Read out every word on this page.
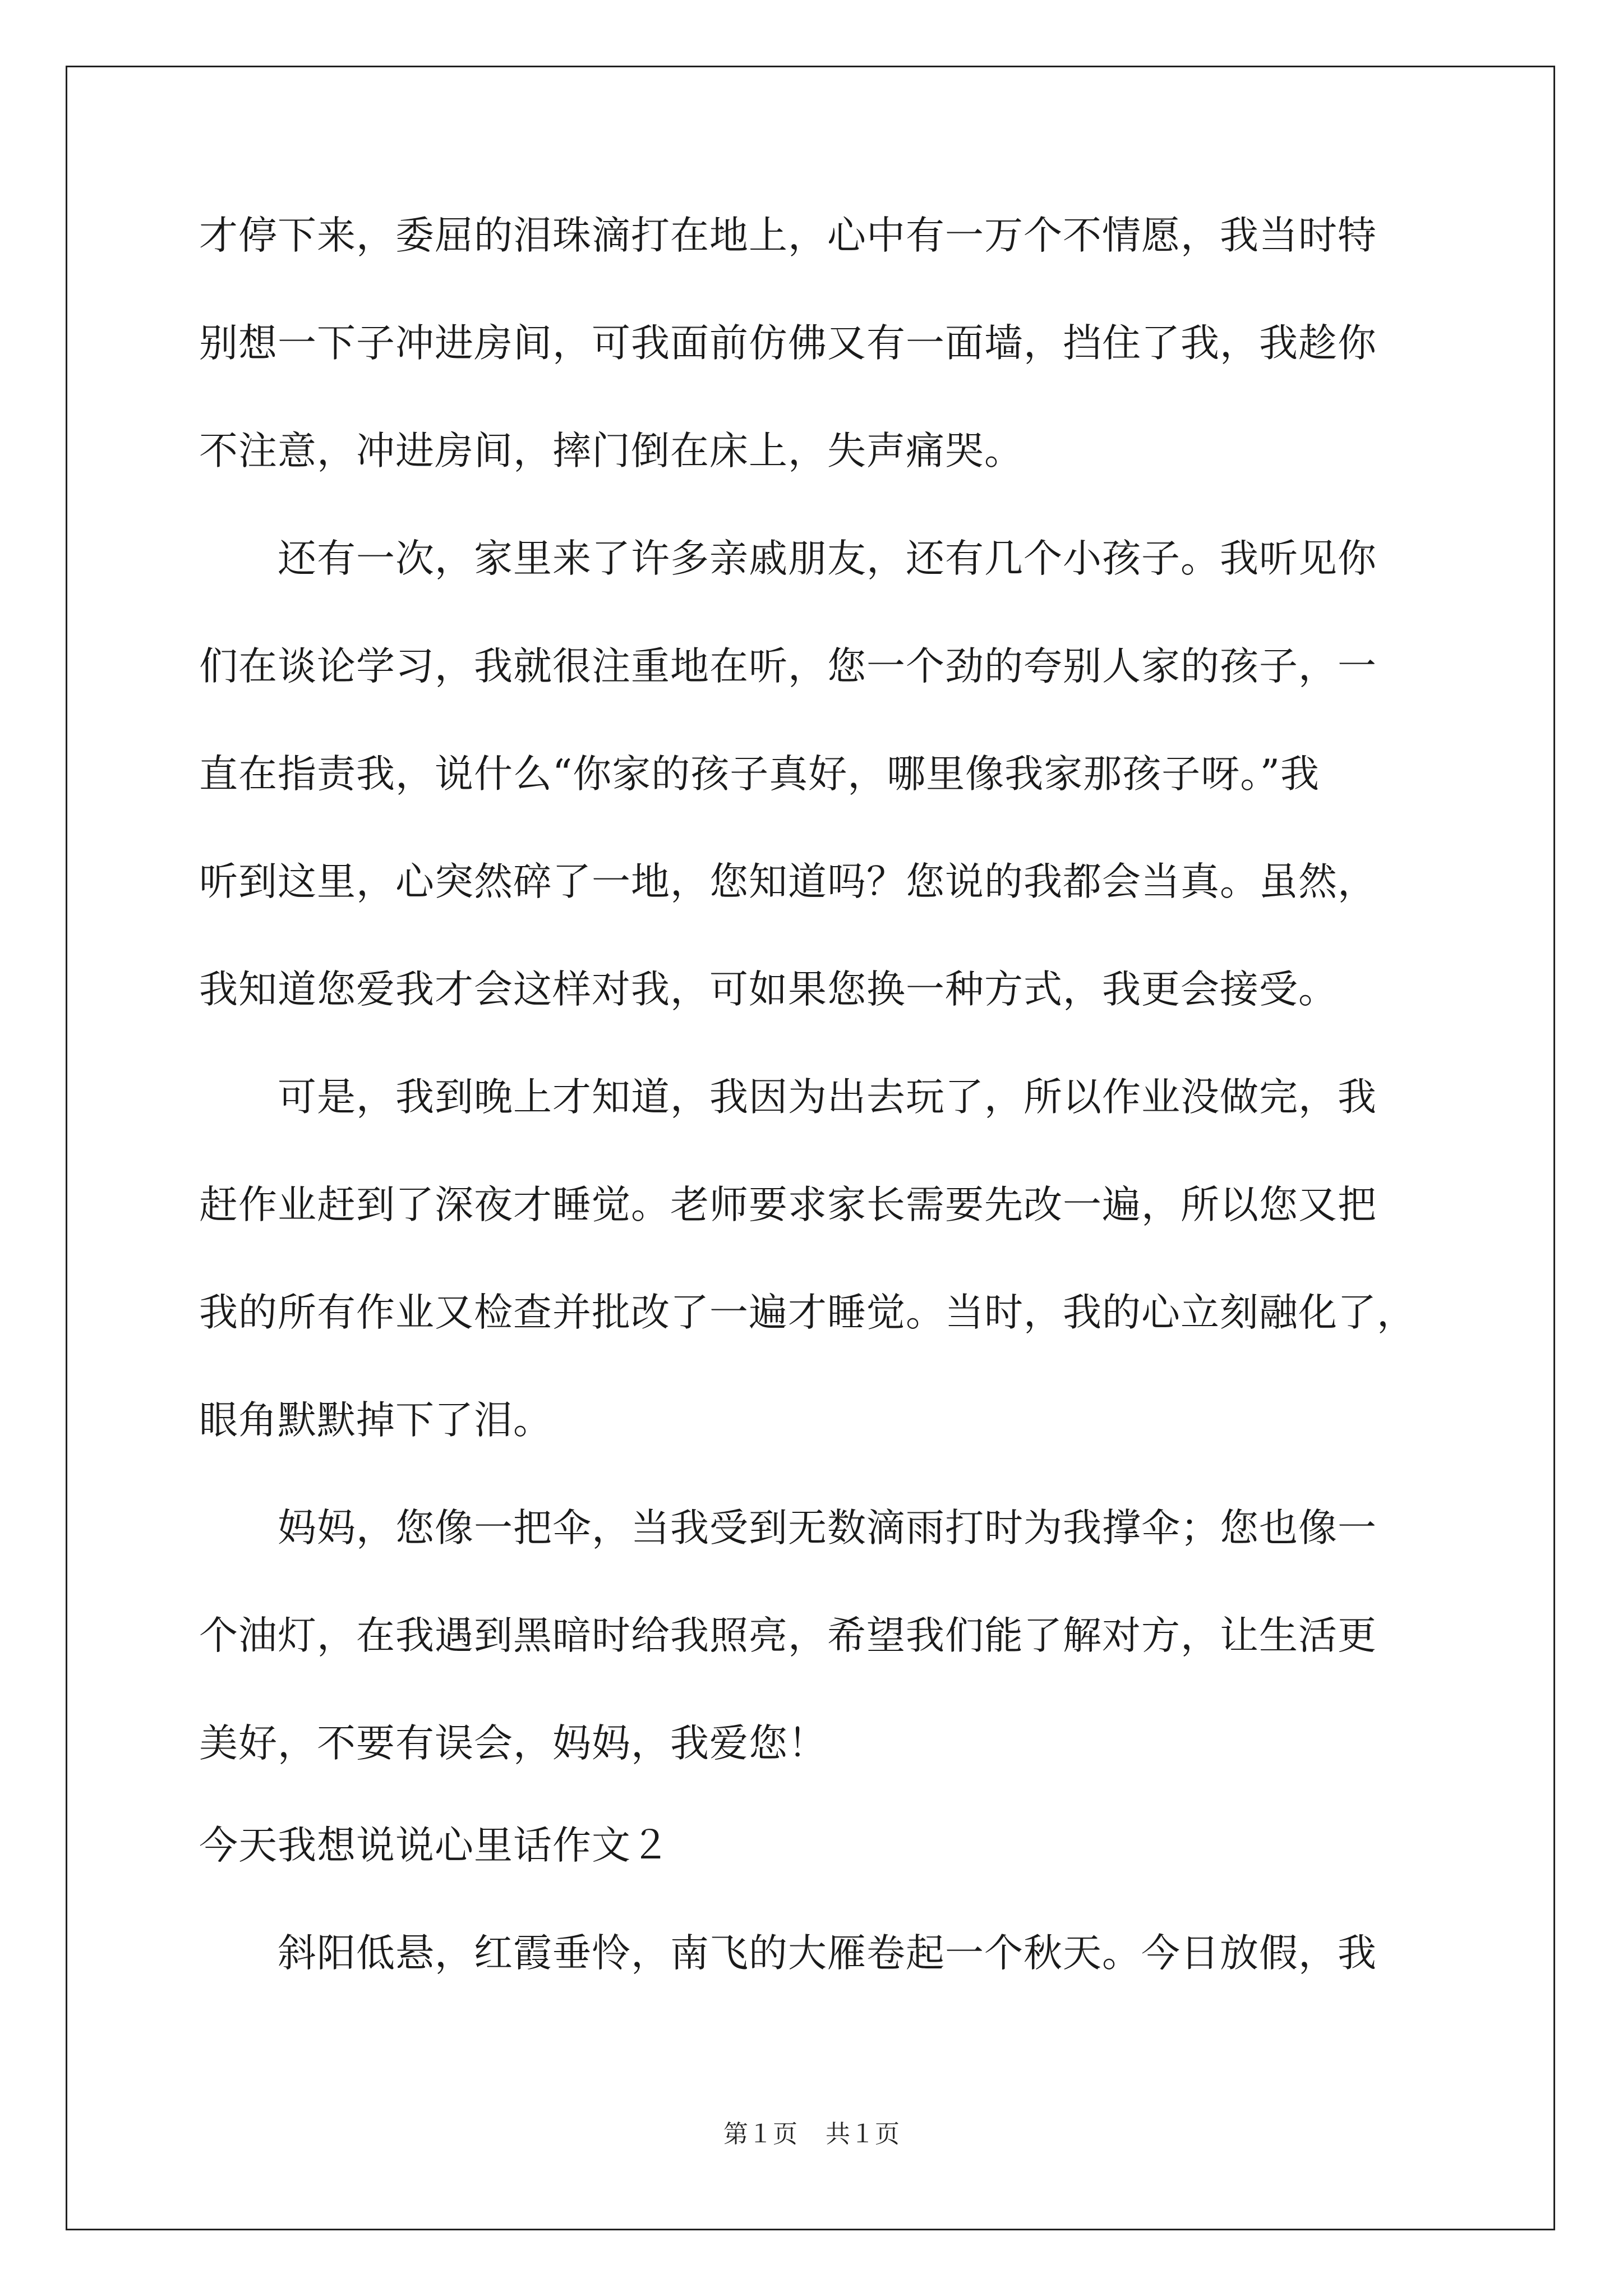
才停下来，委屈的泪珠滴打在地上，心中有一万个不情愿，我当时特
别想一下子冲进房间，可我面前仿佛又有一面墙，挡住了我，我趁你
不注意，冲进房间，摔门倒在床上，失声痛哭。
　　还有一次，家里来了许多亲戚朋友，还有几个小孩子。我听见你
们在谈论学习，我就很注重地在听，您一个劲的夸别人家的孩子，一
直在指责我，说什么“你家的孩子真好，哪里像我家那孩子呀。”我
听到这里，心突然碎了一地，您知道吗？您说的我都会当真。虽然，
我知道您爱我才会这样对我，可如果您换一种方式，我更会接受。
　　可是，我到晚上才知道，我因为出去玩了，所以作业没做完，我
赶作业赶到了深夜才睡觉。老师要求家长需要先改一遍，所以您又把
我的所有作业又检查并批改了一遍才睡觉。当时，我的心立刻融化了，
眼角默默掉下了泪。
　　妈妈，您像一把伞，当我受到无数滴雨打时为我撑伞；您也像一
个油灯，在我遇到黑暗时给我照亮，希望我们能了解对方，让生活更
美好，不要有误会，妈妈，我爱您！
今天我想说说心里话作文２
　　斜阳低悬，红霞垂怜，南飞的大雁卷起一个秋天。今日放假，我
第１页 共１页
